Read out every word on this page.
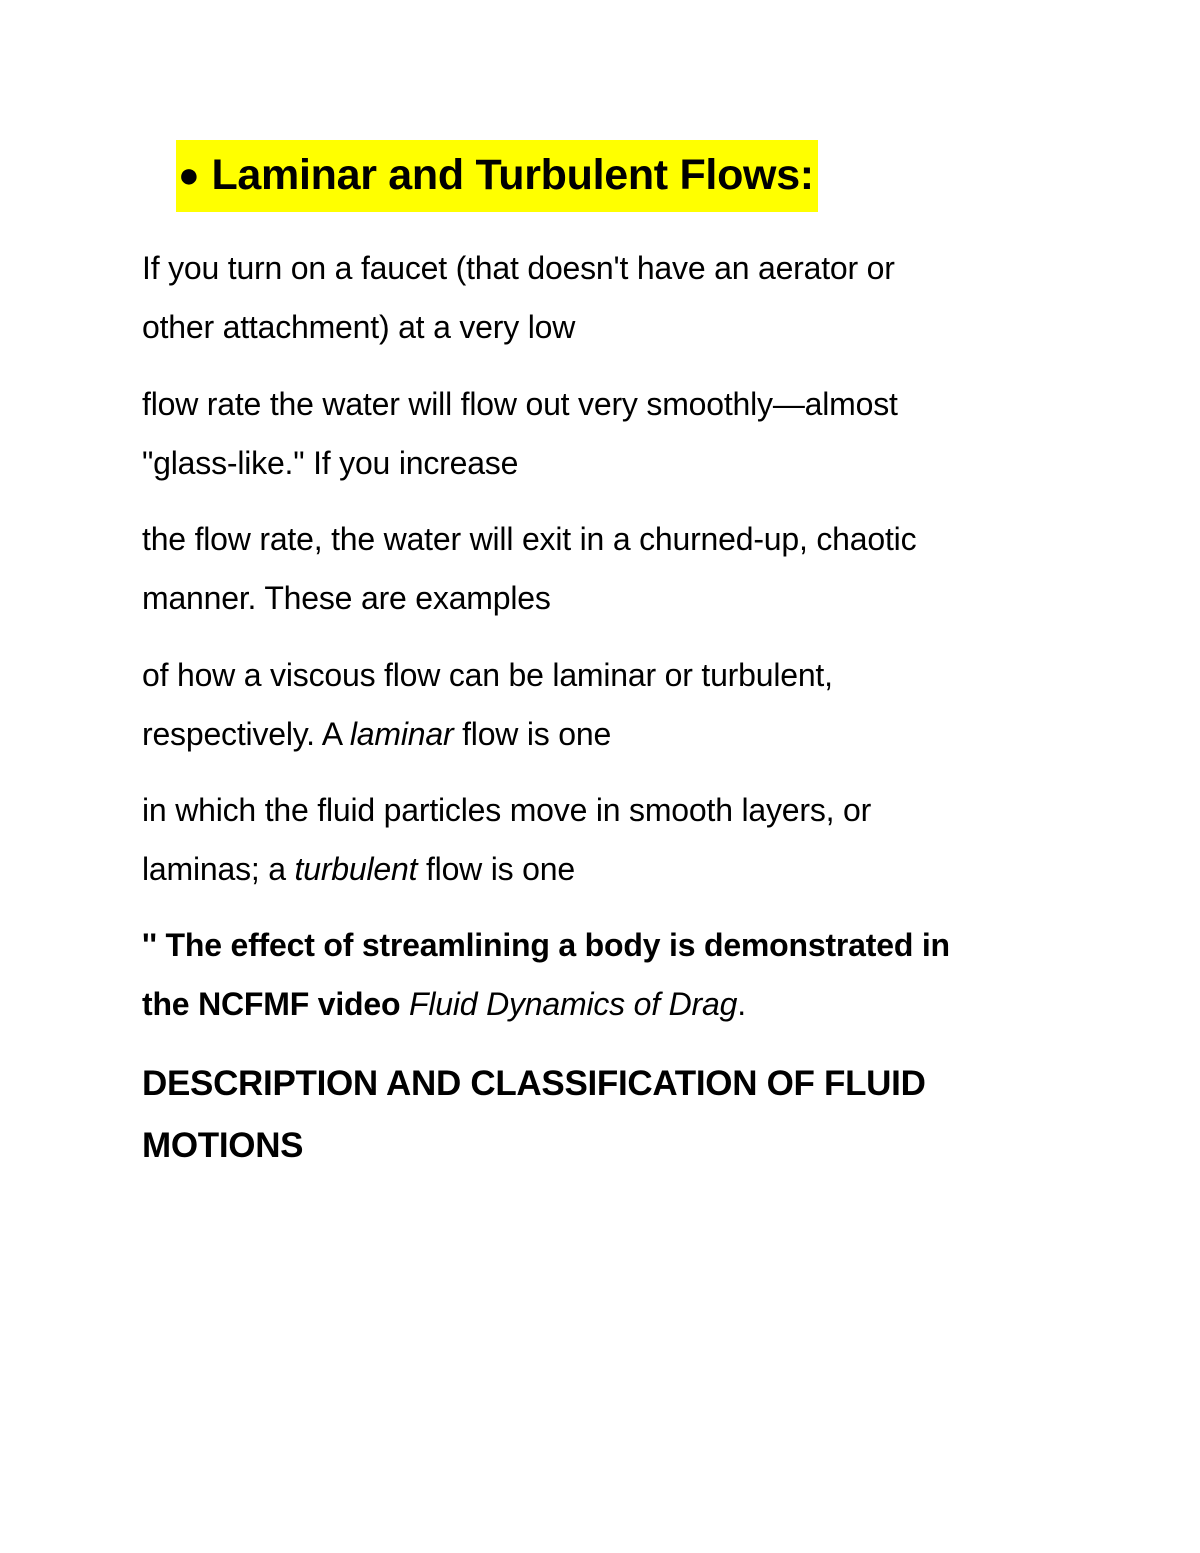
● Laminar and Turbulent Flows:
If you turn on a faucet (that doesn't have an aerator or
other attachment) at a very low
flow rate the water will flow out very smoothly—almost
"glass-like." If you increase
the flow rate, the water will exit in a churned-up, chaotic
manner. These are examples
of how a viscous flow can be laminar or turbulent,
respectively. A laminar flow is one
in which the fluid particles move in smooth layers, or
laminas; a turbulent flow is one
'' The effect of streamlining a body is demonstrated in
the NCFMF video Fluid Dynamics of Drag.
DESCRIPTION AND CLASSIFICATION OF FLUID
MOTIONS
